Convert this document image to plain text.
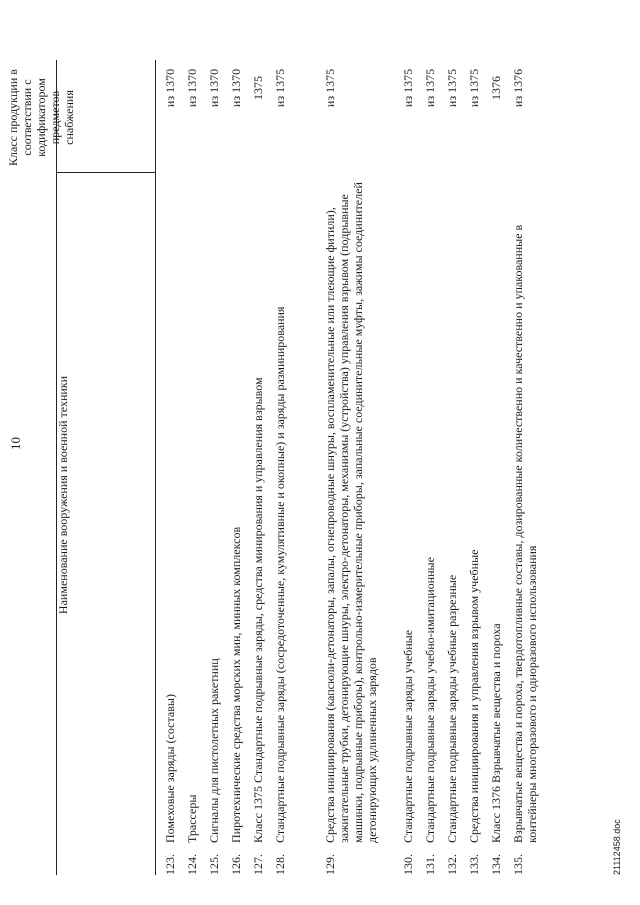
10	Наименование вооружения и военной техники
Класс продукции в соответствии с кодификатором предметов снабжения
123.
Помеховые заряды (составы)
из 1370
124.
Трассеры
из 1370
125.
Сигналы для пистолетных ракетниц
из 1370
126.
Пиротехнические средства морских мин, минных комплексов
из 1370
127.
Класс 1375 Стандартные подрывные заряды, средства минирования и управления взрывом
1375
128.
Стандартные подрывные заряды (сосредоточенные, кумулятивные и окопные) и заряды разминирования
из 1375
129.
Средства инициирования (капсюли-детонаторы, запалы, огнепроводные шнуры, воспламенительные или тлеющие фитили), зажигательные трубки, детонирующие шнуры, электро-детонаторы, механизмы (устройства) управления взрывом (подрывные машинки, подрывные приборы), контрольно-измерительные приборы, запальные соединительные муфты, зажимы соединителей детонирующих удлиненных зарядов
из 1375
130.
Стандартные подрывные заряды учебные
из 1375
131.
Стандартные подрывные заряды учебно-имитационные
из 1375
132.
Стандартные подрывные заряды учебные разрезные
из 1375
133.
Средства инициирования и управления взрывом учебные
из 1375
134.
Класс 1376 Взрывчатые вещества и пороха
1376
135.
Взрывчатые вещества и пороха, твердотопливные составы, дозированные количественно и качественно и упакованные в контейнеры многоразового и одноразового использования
из 1376
21112458.doc
